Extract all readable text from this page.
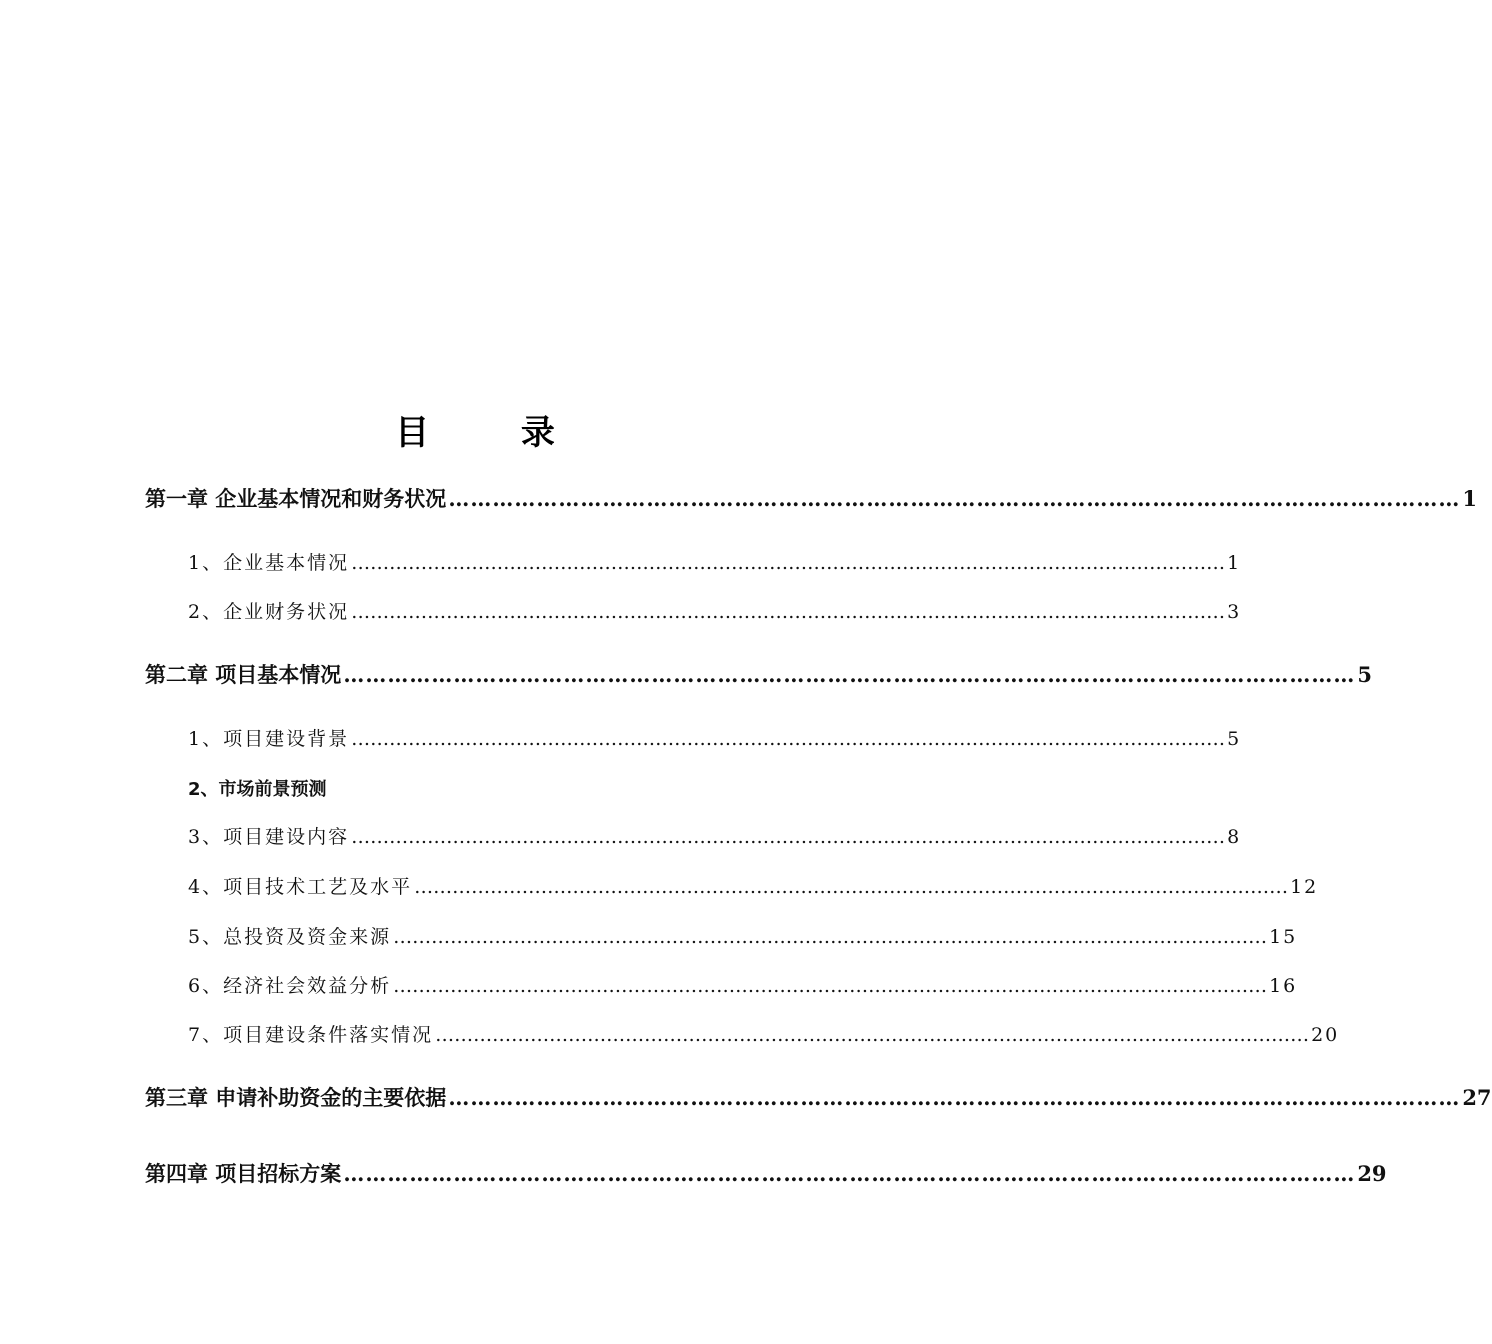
目 录
第一章 企业基本情况和财务状况 ………………………………………………………………………………………………………………………… 1
1、企业基本情况 ………………………………………………………………………………………………………………………… 1
2、企业财务状况 ………………………………………………………………………………………………………………………… 3
第二章 项目基本情况 ………………………………………………………………………………………………………………………… 5
1、项目建设背景 ………………………………………………………………………………………………………………………… 5
2、市场前景预测
3、项目建设内容 ………………………………………………………………………………………………………………………… 8
4、项目技术工艺及水平 ………………………………………………………………………………………………………………………… 12
5、总投资及资金来源 ………………………………………………………………………………………………………………………… 15
6、经济社会效益分析 ………………………………………………………………………………………………………………………… 16
7、项目建设条件落实情况 ………………………………………………………………………………………………………………………… 20
第三章 申请补助资金的主要依据 ………………………………………………………………………………………………………………………… 27
第四章 项目招标方案 ………………………………………………………………………………………………………………………… 29
